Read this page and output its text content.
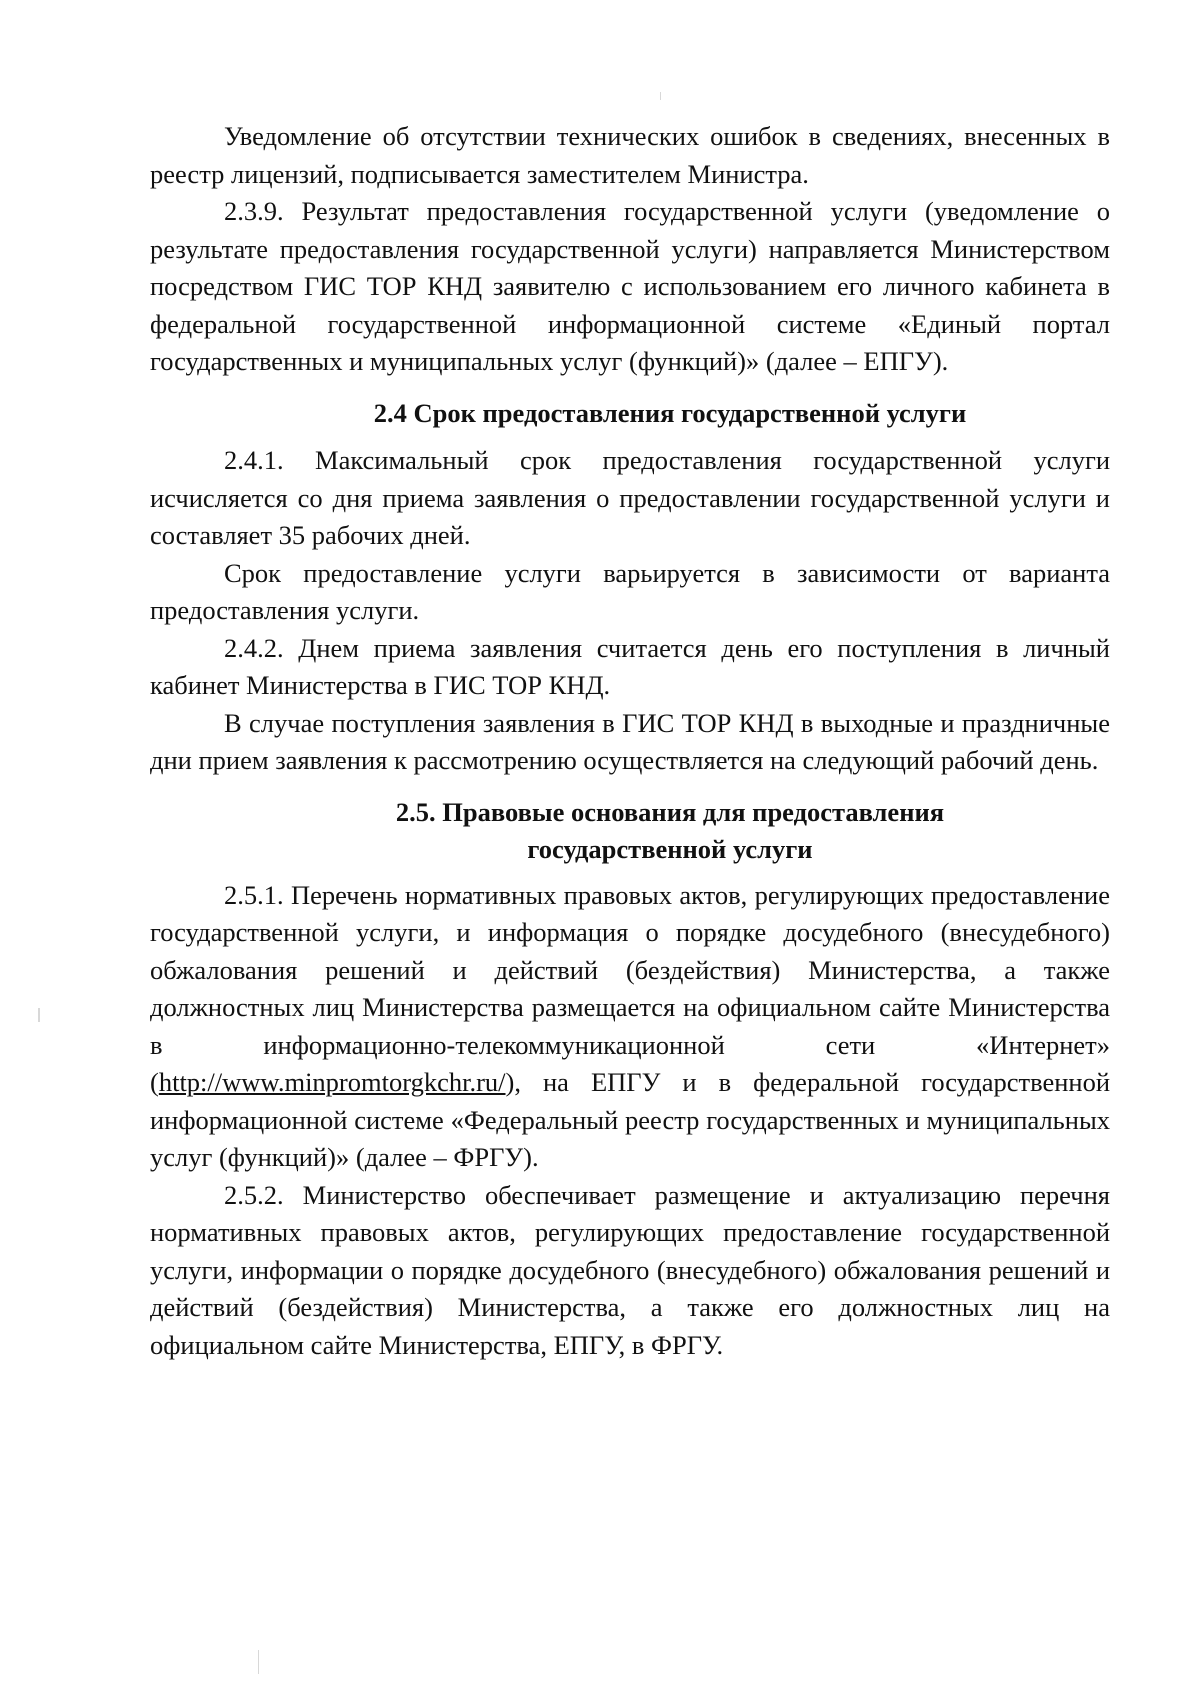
Уведомление об отсутствии технических ошибок в сведениях, внесенных в реестр лицензий, подписывается заместителем Министра.

2.3.9. Результат предоставления государственной услуги (уведомление о результате предоставления государственной услуги) направляется Министерством посредством ГИС ТОР КНД заявителю с использованием его личного кабинета в федеральной государственной информационной системе «Единый портал государственных и муниципальных услуг (функций)» (далее – ЕПГУ).

2.4 Срок предоставления государственной услуги

2.4.1. Максимальный срок предоставления государственной услуги исчисляется со дня приема заявления о предоставлении государственной услуги и составляет 35 рабочих дней.

Срок предоставление услуги варьируется в зависимости от варианта предоставления услуги.

2.4.2. Днем приема заявления считается день его поступления в личный кабинет Министерства в ГИС ТОР КНД.

В случае поступления заявления в ГИС ТОР КНД в выходные и праздничные дни прием заявления к рассмотрению осуществляется на следующий рабочий день.

2.5. Правовые основания для предоставления
государственной услуги

2.5.1. Перечень нормативных правовых актов, регулирующих предоставление государственной услуги, и информация о порядке досудебного (внесудебного) обжалования решений и действий (бездействия) Министерства, а также должностных лиц Министерства размещается на официальном сайте Министерства в информационно-телекоммуникационной сети «Интернет» (http://www.minpromtorgkchr.ru/), на ЕПГУ и в федеральной государственной информационной системе «Федеральный реестр государственных и муниципальных услуг (функций)» (далее – ФРГУ).

2.5.2. Министерство обеспечивает размещение и актуализацию перечня нормативных правовых актов, регулирующих предоставление государственной услуги, информации о порядке досудебного (внесудебного) обжалования решений и действий (бездействия) Министерства, а также его должностных лиц на официальном сайте Министерства, ЕПГУ, в ФРГУ.
